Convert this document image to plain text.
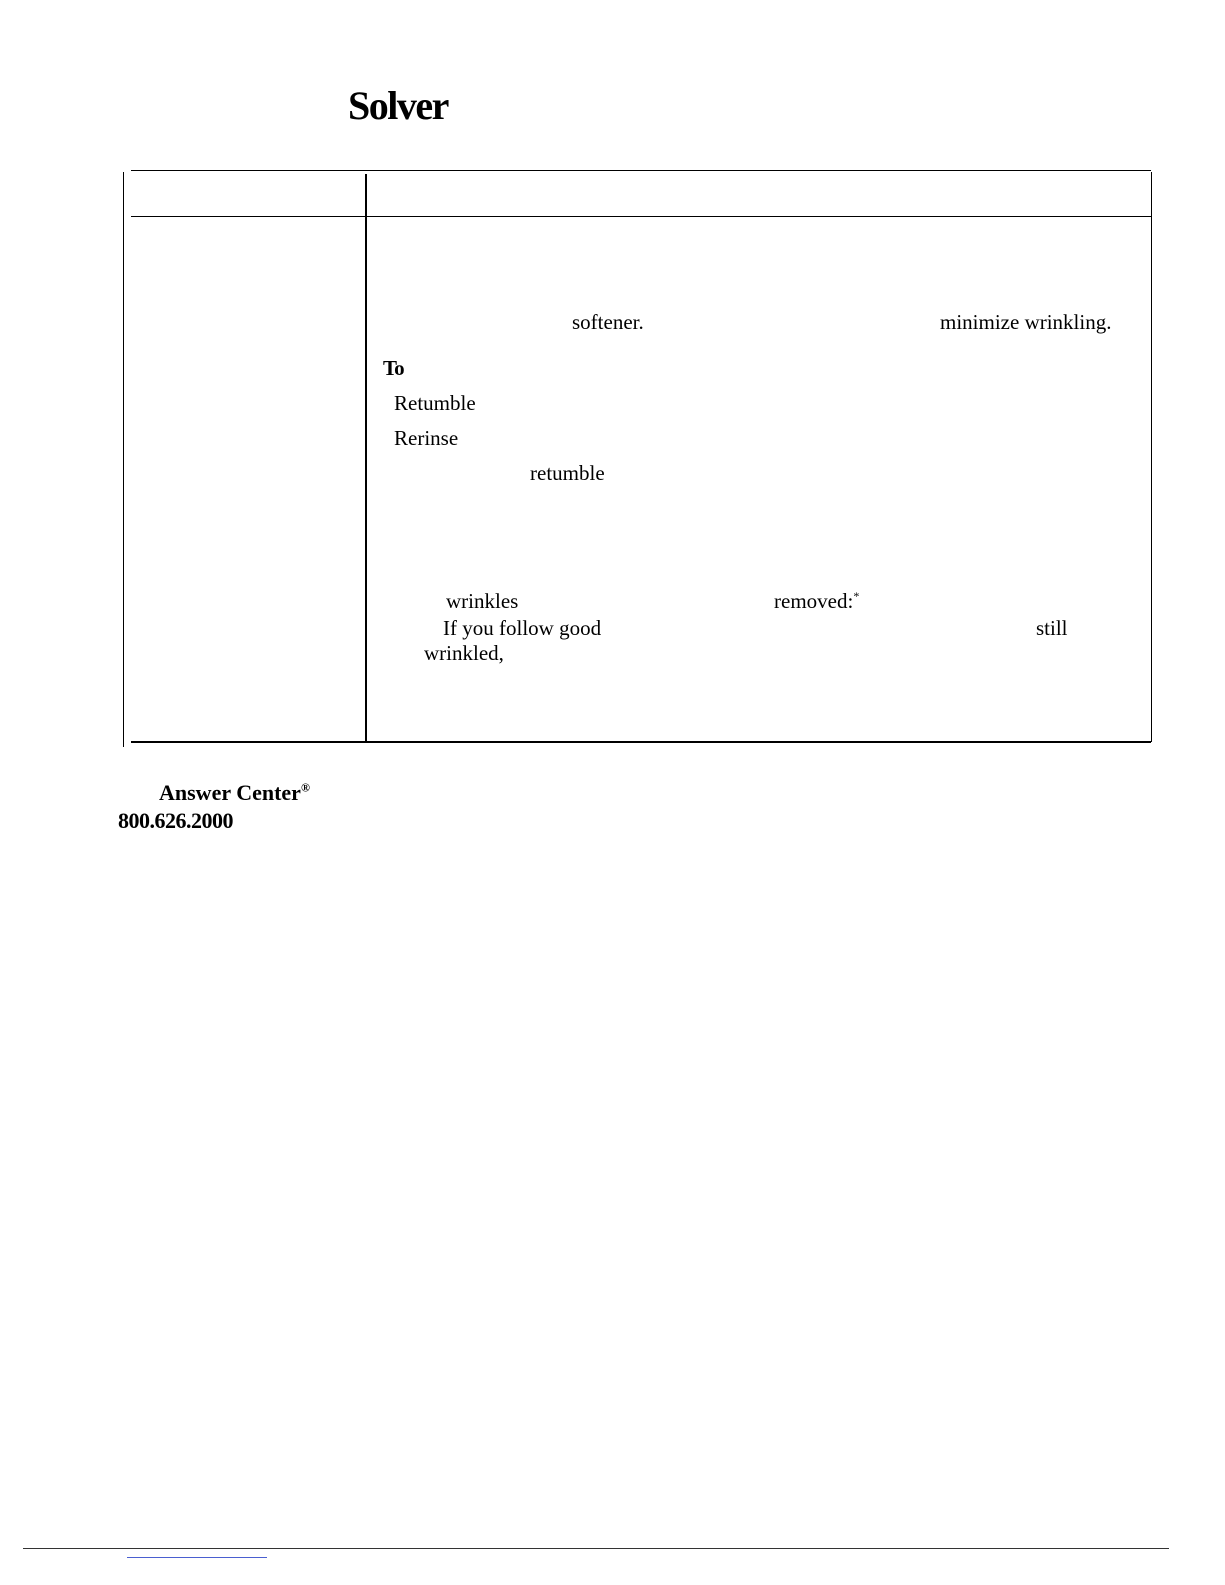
Solver
softener.	minimize wrinkling.
To
Retumble
Rerinse
retumble
wrinkles	removed:*
If you follow good	still
wrinkled,
Answer Center®
800.626.2000
